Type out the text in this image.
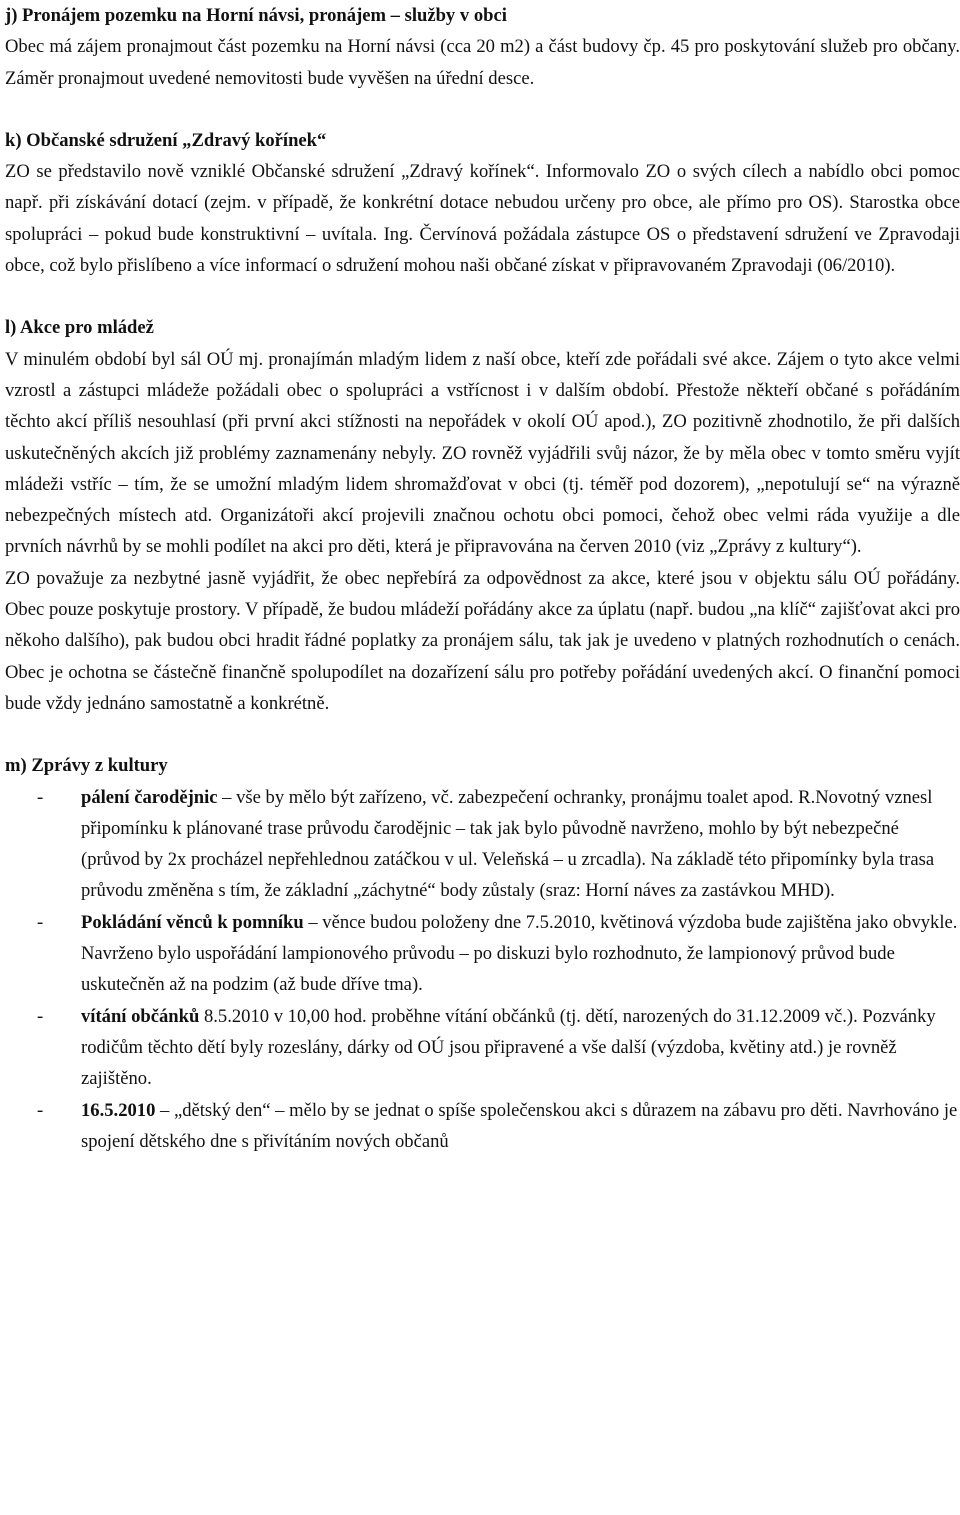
j) Pronájem pozemku na Horní návsi, pronájem – služby v obci

Obec má zájem pronajmout část pozemku na Horní návsi (cca 20 m2) a část budovy čp. 45 pro poskytování služeb pro občany. Záměr pronajmout uvedené nemovitosti bude vyvěšen na úřední desce.

k) Občanské sdružení „Zdravý kořínek“

ZO se představilo nově vzniklé Občanské sdružení „Zdravý kořínek“. Informovalo ZO o svých cílech a nabídlo obci pomoc např. při získávání dotací (zejm. v případě, že konkrétní dotace nebudou určeny pro obce, ale přímo pro OS). Starostka obce spolupráci – pokud bude konstruktivní – uvítala. Ing. Červínová požádala zástupce OS o představení sdružení ve Zpravodaji obce, což bylo přislíbeno a více informací o sdružení mohou naši občané získat v připravovaném Zpravodaji (06/2010).

l) Akce pro mládež

V minulém období byl sál OÚ mj. pronajímán mladým lidem z naší obce, kteří zde pořádali své akce. Zájem o tyto akce velmi vzrostl a zástupci mládeže požádali obec o spolupráci a vstřícnost i v dalším období. Přestože někteří občané s pořádáním těchto akcí příliš nesouhlasí (při první akci stížnosti na nepořádek v okolí OÚ apod.), ZO pozitivně zhodnotilo, že při dalších uskutečněných akcích již problémy zaznamenány nebyly. ZO rovněž vyjádřili svůj názor, že by měla obec v tomto směru vyjít mládeži vstříc – tím, že se umožní mladým lidem shromažďovat v obci (tj. téměř pod dozorem), „nepotulují se“ na výrazně nebezpečných místech atd. Organizátoři akcí projevili značnou ochotu obci pomoci, čehož obec velmi ráda využije a dle prvních návrhů by se mohli podílet na akci pro děti, která je připravována na červen 2010 (viz „Zprávy z kultury“).

ZO považuje za nezbytné jasně vyjádřit, že obec nepřebírá za odpovědnost za akce, které jsou v objektu sálu OÚ pořádány. Obec pouze poskytuje prostory. V případě, že budou mládeží pořádány akce za úplatu (např. budou „na klíč“ zajišťovat akci pro někoho dalšího), pak budou obci hradit řádné poplatky za pronájem sálu, tak jak je uvedeno v platných rozhodnutích o cenách. Obec je ochotna se částečně finančně spolupodílet na dozařízení sálu pro potřeby pořádání uvedených akcí. O finanční pomoci bude vždy jednáno samostatně a konkrétně.

m) Zprávy z kultury
- pálení čarodějnic – vše by mělo být zařízeno, vč. zabezpečení ochranky, pronájmu toalet apod. R.Novotný vznesl připomínku k plánované trase průvodu čarodějnic – tak jak bylo původně navrženo, mohlo by být nebezpečné (průvod by 2x procházel nepřehlednou zatáčkou v ul. Veleňská – u zrcadla). Na základě této připomínky byla trasa průvodu změněna s tím, že základní „záchytné“ body zůstaly (sraz: Horní náves za zastávkou MHD).
- Pokládání věnců k pomníku – věnce budou položeny dne 7.5.2010, květinová výzdoba bude zajištěna jako obvykle. Navrženo bylo uspořádání lampionového průvodu – po diskuzi bylo rozhodnuto, že lampionový průvod bude uskutečněn až na podzim (až bude dříve tma).
- vítání občánků 8.5.2010 v 10,00 hod. proběhne vítání občánků (tj. dětí, narozených do 31.12.2009 vč.). Pozvánky rodičům těchto dětí byly rozeslány, dárky od OÚ jsou připravené a vše další (výzdoba, květiny atd.) je rovněž zajištěno.
- 16.5.2010 – „dětský den“ – mělo by se jednat o spíše společenskou akci s důrazem na zábavu pro děti. Navrhováno je spojení dětského dne s přivítáním nových občanů
